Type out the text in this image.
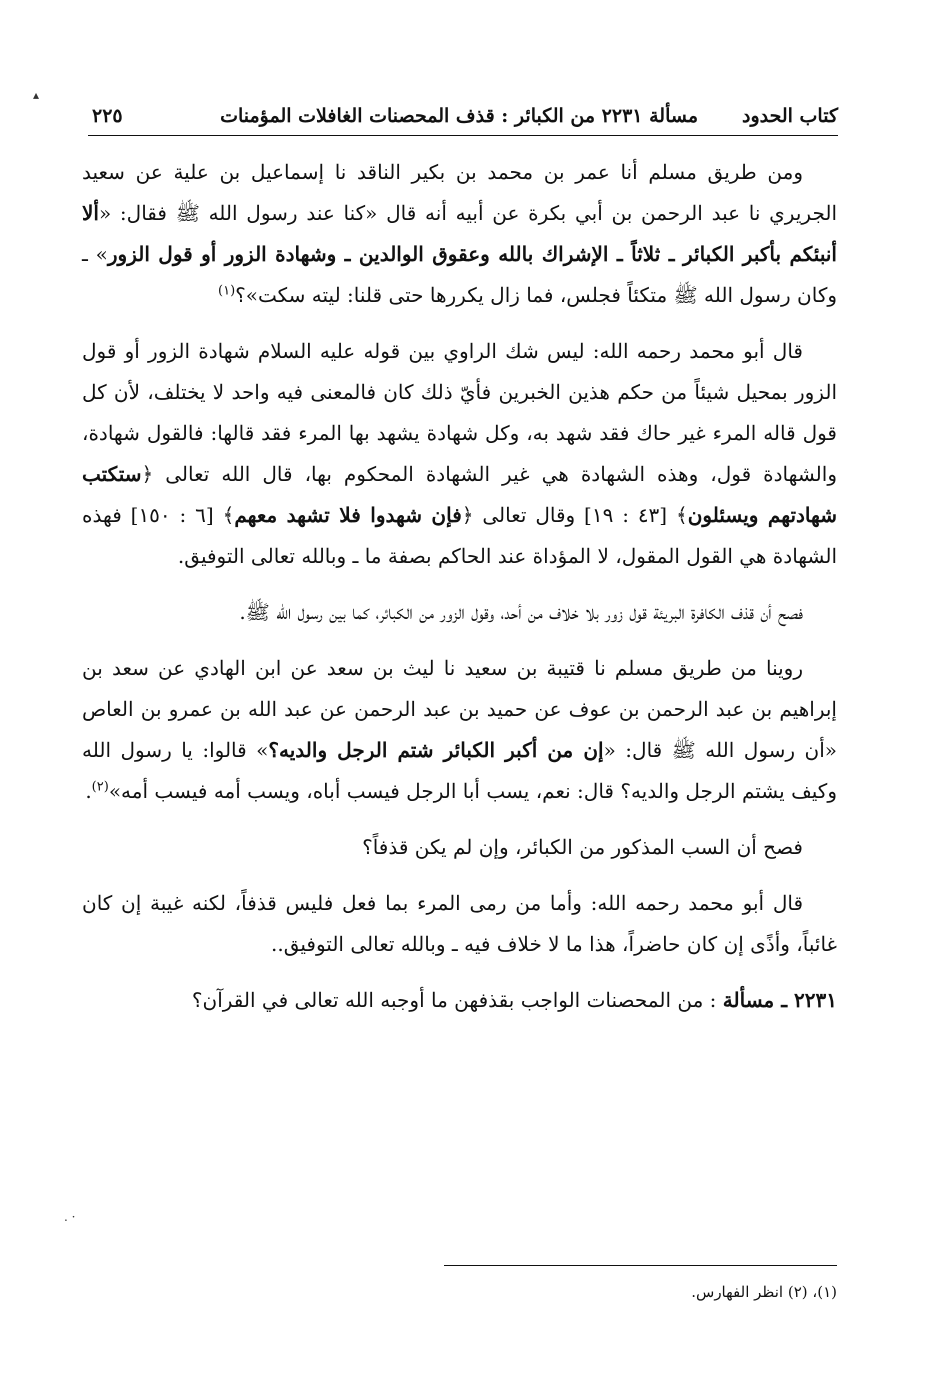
▴
كتاب الحدود
مسألة ٢٢٣١ من الكبائر : قذف المحصنات الغافلات المؤمنات
٢٢٥

ومن طريق مسلم أنا عمر بن محمد بن بكير الناقد نا إسماعيل بن علية عن سعيد الجريري نا عبد الرحمن بن أبي بكرة عن أبيه أنه قال «كنا عند رسول الله ﷺ فقال: «ألا أنبئكم بأكبر الكبائر ـ ثلاثاً ـ الإشراك بالله وعقوق الوالدين ـ وشهادة الزور أو قول الزور» ـ وكان رسول الله ﷺ متكئاً فجلس، فما زال يكررها حتى قلنا: ليته سكت»؟$^{(١)}$

قال أبو محمد رحمه الله: ليس شك الراوي بين قوله عليه السلام شهادة الزور أو قول الزور بمحيل شيئاً من حكم هذين الخبرين فأيّ ذلك كان فالمعنى فيه واحد لا يختلف، لأن كل قول قاله المرء غير حاك فقد شهد به، وكل شهادة يشهد بها المرء فقد قالها: فالقول شهادة، والشهادة قول، وهذه الشهادة هي غير الشهادة المحكوم بها، قال الله تعالى ﴿ستكتب شهادتهم ويسئلون﴾ [٤٣ : ١٩] وقال تعالى ﴿فإن شهدوا فلا تشهد معهم﴾ [٦ : ١٥٠] فهذه الشهادة هي القول المقول، لا المؤداة عند الحاكم بصفة ما ـ وبالله تعالى التوفيق.

فصح أن قذف الكافرة البريئة قول زور بلا خلاف من أحد، وقول الزور من الكبائر، كما بين رسول الله ﷺ.

روينا من طريق مسلم نا قتيبة بن سعيد نا ليث بن سعد عن ابن الهادي عن سعد بن إبراهيم بن عبد الرحمن بن عوف عن حميد بن عبد الرحمن عن عبد الله بن عمرو بن العاص «أن رسول الله ﷺ قال: «إن من أكبر الكبائر شتم الرجل والديه؟» قالوا: يا رسول الله وكيف يشتم الرجل والديه؟ قال: نعم، يسب أبا الرجل فيسب أباه، ويسب أمه فيسب أمه»$^{(٢)}$.

فصح أن السب المذكور من الكبائر، وإن لم يكن قذفاً؟

قال أبو محمد رحمه الله: وأما من رمى المرء بما فعل فليس قذفاً، لكنه غيبة إن كان غائباً، وأذًى إن كان حاضراً، هذا ما لا خلاف فيه ـ وبالله تعالى التوفيق..

٢٢٣١ ـ مسألة : من المحصنات الواجب بقذفهن ما أوجبه الله تعالى في القرآن؟

. ·
(١)، (٢) انظر الفهارس.
